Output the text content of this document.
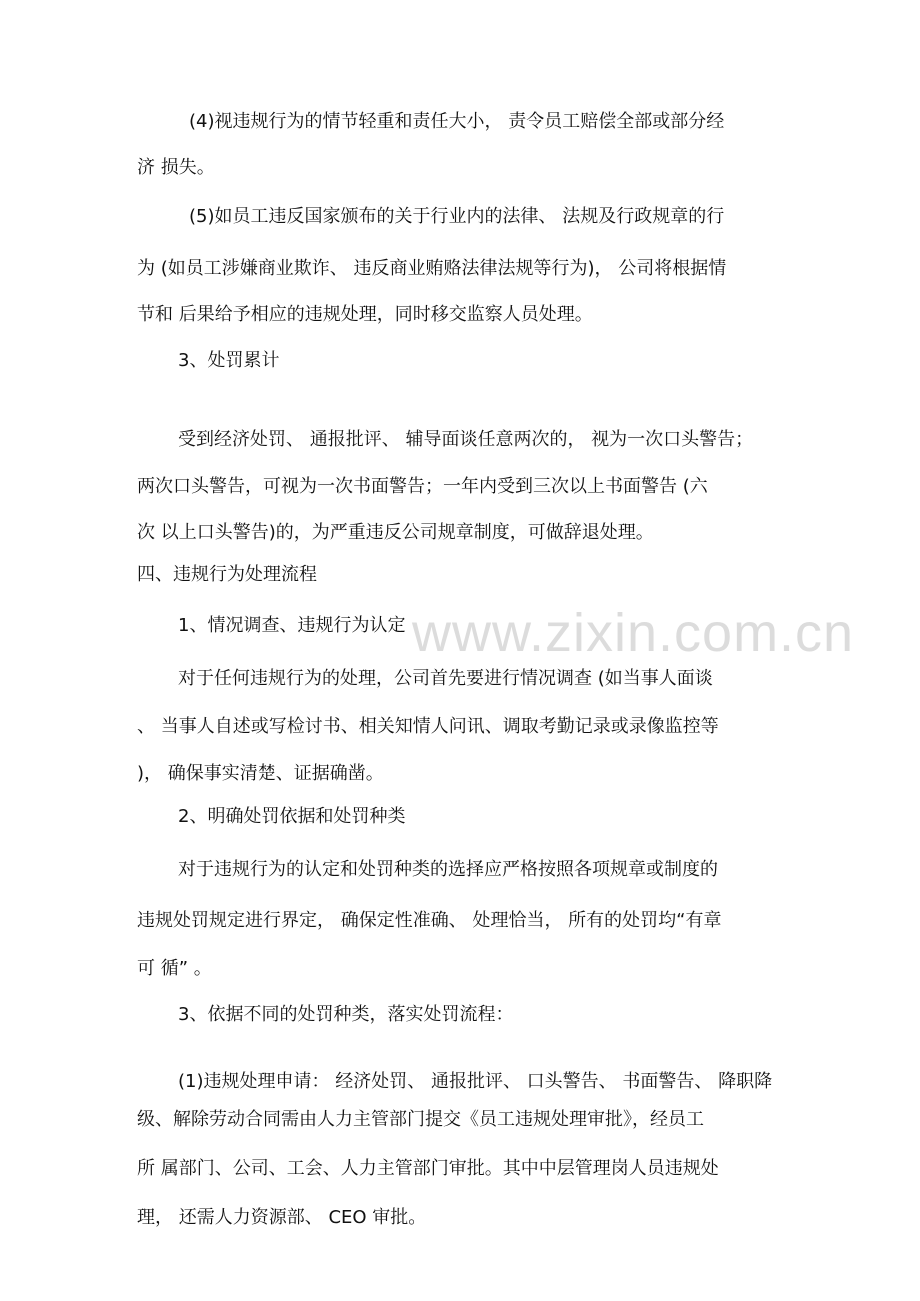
www.zixin.com.cn
(4)视违规行为的情节轻重和责任大小， 责令员工赔偿全部或部分经
济 损失。
(5)如员工违反国家颁布的关于行业内的法律、 法规及行政规章的行
为 (如员工涉嫌商业欺诈、 违反商业贿赂法律法规等行为)， 公司将根据情
节和 后果给予相应的违规处理，同时移交监察人员处理。
3、处罚累计
受到经济处罚、 通报批评、 辅导面谈任意两次的， 视为一次口头警告；
两次口头警告，可视为一次书面警告；一年内受到三次以上书面警告 (六
次 以上口头警告)的，为严重违反公司规章制度，可做辞退处理。
四、违规行为处理流程
1、情况调查、违规行为认定
对于任何违规行为的处理，公司首先要进行情况调查 (如当事人面谈
、 当事人自述或写检讨书、相关知情人问讯、调取考勤记录或录像监控等
)， 确保事实清楚、证据确凿。
2、明确处罚依据和处罚种类
对于违规行为的认定和处罚种类的选择应严格按照各项规章或制度的
违规处罚规定进行界定， 确保定性准确、 处理恰当， 所有的处罚均“有章
可 循” 。
3、依据不同的处罚种类，落实处罚流程：
(1)违规处理申请： 经济处罚、 通报批评、 口头警告、 书面警告、 降职降
级、解除劳动合同需由人力主管部门提交《员工违规处理审批》，经员工
所 属部门、公司、工会、人力主管部门审批。其中中层管理岗人员违规处
理， 还需人力资源部、 CEO 审批。
